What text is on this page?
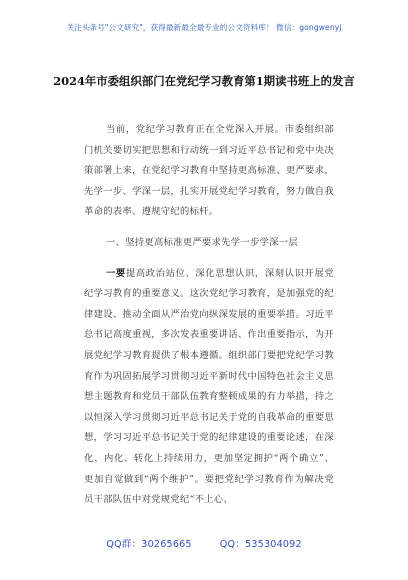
关注头条号"公文研究"，获得最新最全最专业的公文资料库！ 微信：gongwenyj
2024年市委组织部门在党纪学习教育第1期读书班上的发言

当前，党纪学习教育正在全党深入开展。市委组织部门机关要切实把思想和行动统一到习近平总书记和党中央决策部署上来，在党纪学习教育中坚持更高标准、更严要求，先学一步、学深一层，扎实开展党纪学习教育，努力做自我革命的表率、遵规守纪的标杆。

一、坚持更高标准更严要求先学一步学深一层

一要提高政治站位、深化思想认识，深刻认识开展党纪学习教育的重要意义。这次党纪学习教育，是加强党的纪律建设、推动全面从严治党向纵深发展的重要举措。习近平总书记高度重视，多次发表重要讲话、作出重要指示，为开展党纪学习教育提供了根本遵循。组织部门要把党纪学习教育作为巩固拓展学习贯彻习近平新时代中国特色社会主义思想主题教育和党员干部队伍教育整顿成果的有力举措，持之以恒深入学习贯彻习近平总书记关于党的自我革命的重要思想，学习习近平总书记关于党的纪律建设的重要论述，在深化、内化、转化上持续用力，更加坚定拥护“两个确立”、更加自觉做到“两个维护”。要把党纪学习教育作为解决党员干部队伍中对党规党纪“不上心、

QQ群：30265665	QQ：535304092
